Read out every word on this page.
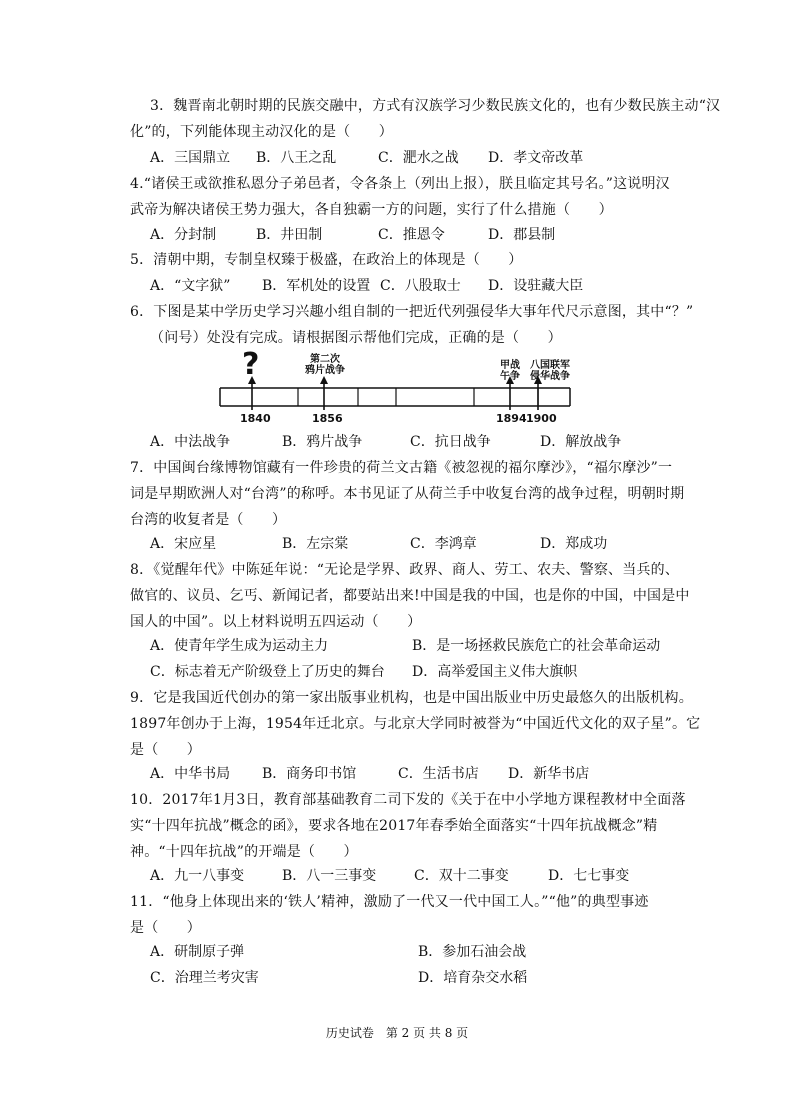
3．魏晋南北朝时期的民族交融中，方式有汉族学习少数民族文化的，也有少数民族主动“汉
化”的，下列能体现主动汉化的是（　　）
A．三国鼎立 B．八王之乱	C．淝水之战 D．孝文帝改革
4.“诸侯王或欲推私恩分子弟邑者，令各条上（列出上报），朕且临定其号名。”这说明汉
武帝为解决诸侯王势力强大，各自独霸一方的问题，实行了什么措施（　　）
A．分封制	B．井田制	C．推恩令	D．郡县制
5．清朝中期，专制皇权臻于极盛，在政治上的体现是（　　）
A．“文字狱” B．军机处的设置 C．八股取士 D．设驻藏大臣
6．下图是某中学历史学习兴趣小组自制的一把近代列强侵华大事年代尺示意图，其中“？”
（问号）处没有完成。请根据图示帮他们完成，正确的是（　　）
?	第二次
鸦片战争	甲战
午争
八国联军
侵华战争
1840	1856	1894 1900
A．中法战争	B．鸦片战争	C．抗日战争	D．解放战争
7．中国闽台缘博物馆藏有一件珍贵的荷兰文古籍《被忽视的福尔摩沙》，“福尔摩沙”一
词是早期欧洲人对“台湾”的称呼。本书见证了从荷兰手中收复台湾的战争过程，明朝时期
台湾的收复者是（　　）
A．宋应星	B．左宗棠	C．李鸿章	D．郑成功
8．《觉醒年代》中陈延年说：“无论是学界、政界、商人、劳工、农夫、警察、当兵的、
做官的、议员、乞丐、新闻记者，都要站出来!中国是我的中国，也是你的中国，中国是中
国人的中国”。以上材料说明五四运动（　　）
A．使青年学生成为运动主力	B．是一场拯救民族危亡的社会革命运动
C．标志着无产阶级登上了历史的舞台 D．高举爱国主义伟大旗帜
9．它是我国近代创办的第一家出版事业机构，也是中国出版业中历史最悠久的出版机构。
1897年创办于上海，1954年迁北京。与北京大学同时被誉为“中国近代文化的双子星”。它
是（　　）
A．中华书局 B．商务印书馆	C．生活书店 D．新华书店
10．2017年1月3日，教育部基础教育二司下发的《关于在中小学地方课程教材中全面落
实“十四年抗战”概念的函》，要求各地在2017年春季始全面落实“十四年抗战概念”精
神。“十四年抗战”的开端是（　　）
A．九一八事变	B．八一三事变	C．双十二事变	D．七七事变
11．“他身上体现出来的‘铁人’精神，激励了一代又一代中国工人。”“他”的典型事迹
是（　　）
A．研制原子弹	B．参加石油会战
C．治理兰考灾害	D．培育杂交水稻
历史试卷　第 2 页 共 8 页
